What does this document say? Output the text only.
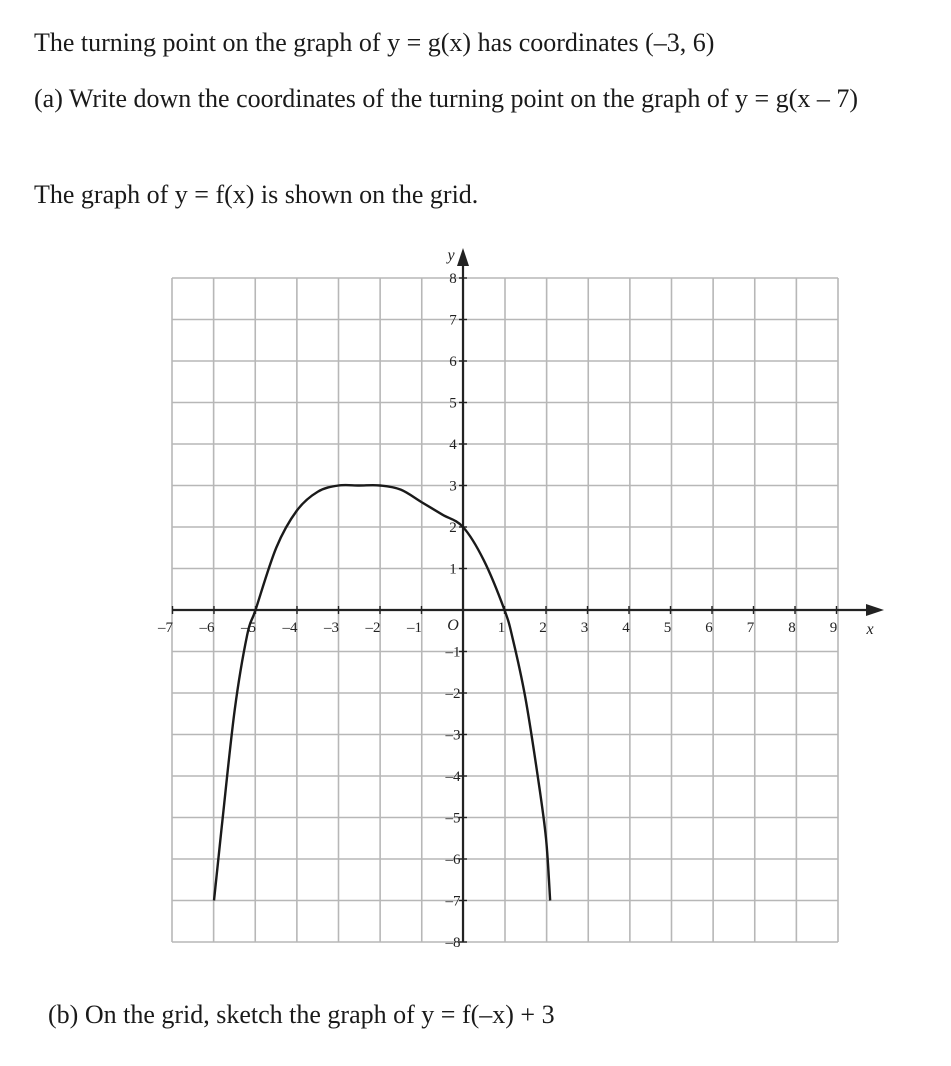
The turning point on the graph of y = g(x) has coordinates (–3, 6)
(a) Write down the coordinates of the turning point on the graph of y = g(x – 7)
The graph of y = f(x) is shown on the grid.
–7 –6 –5 –4 –3 –2 –1	1 2 3 4 5 6 7 8 9
8
7
6
5
4
3
2
1
–1
–2
–3
–4
–5
–6
–7
–8
O	x
y
(b) On the grid, sketch the graph of y = f(–x) + 3
